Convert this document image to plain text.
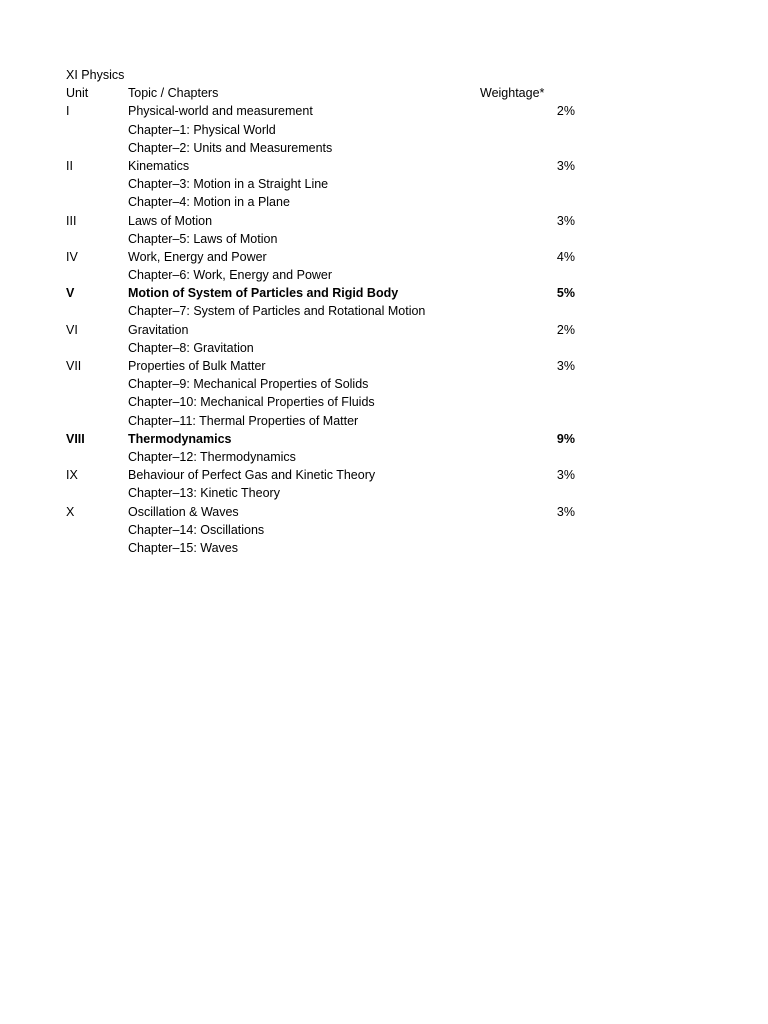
XI Physics
Unit	Topic / Chapters	Weightage*
I	Physical-world and measurement	2%
Chapter–1: Physical World
Chapter–2: Units and Measurements
II	Kinematics	3%
Chapter–3: Motion in a Straight Line
Chapter–4: Motion in a Plane
III	Laws of Motion	3%
Chapter–5: Laws of Motion
IV	Work, Energy and Power	4%
Chapter–6: Work, Energy and Power
V	Motion of System of Particles and Rigid Body	5%
Chapter–7: System of Particles and Rotational Motion
VI	Gravitation	2%
Chapter–8: Gravitation
VII	Properties of Bulk Matter	3%
Chapter–9: Mechanical Properties of Solids
Chapter–10: Mechanical Properties of Fluids
Chapter–11: Thermal Properties of Matter
VIII	Thermodynamics	9%
Chapter–12: Thermodynamics
IX	Behaviour of Perfect Gas and Kinetic Theory	3%
Chapter–13: Kinetic Theory
X	Oscillation & Waves	3%
Chapter–14: Oscillations
Chapter–15: Waves
